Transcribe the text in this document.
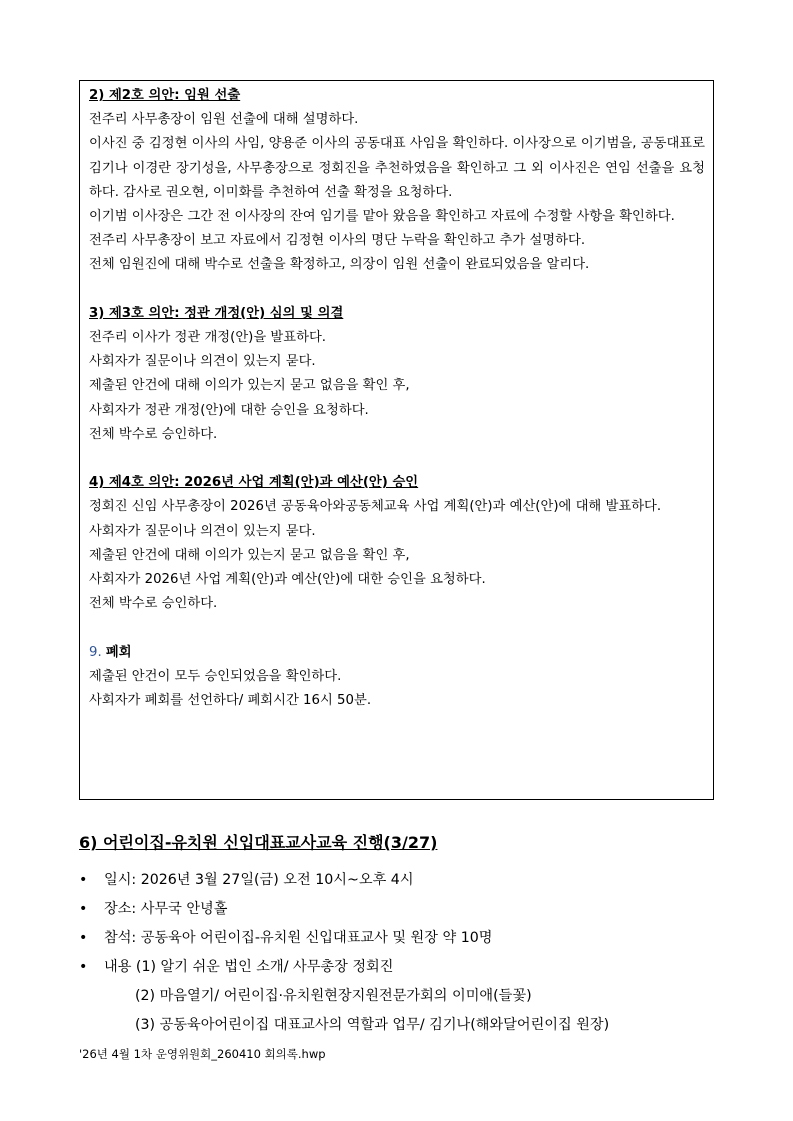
2) 제2호 의안: 임원 선출

전주리 사무총장이 임원 선출에 대해 설명하다.

이사진 중 김정현 이사의 사임, 양용준 이사의 공동대표 사임을 확인하다. 이사장으로 이기범을, 공동대표로 김기나 이경란 장기성을, 사무총장으로 정회진을 추천하였음을 확인하고 그 외 이사진은 연임 선출을 요청하다. 감사로 권오현, 이미화를 추천하여 선출 확정을 요청하다.

이기범 이사장은 그간 전 이사장의 잔여 임기를 맡아 왔음을 확인하고 자료에 수정할 사항을 확인하다.

전주리 사무총장이 보고 자료에서 김정현 이사의 명단 누락을 확인하고 추가 설명하다.

전체 임원진에 대해 박수로 선출을 확정하고, 의장이 임원 선출이 완료되었음을 알리다.

3) 제3호 의안: 정관 개정(안) 심의 및 의결

전주리 이사가 정관 개정(안)을 발표하다.

사회자가 질문이나 의견이 있는지 묻다.

제출된 안건에 대해 이의가 있는지 묻고 없음을 확인 후,

사회자가 정관 개정(안)에 대한 승인을 요청하다.

전체 박수로 승인하다.

4) 제4호 의안: 2026년 사업 계획(안)과 예산(안) 승인

정회진 신임 사무총장이 2026년 공동육아와공동체교육 사업 계획(안)과 예산(안)에 대해 발표하다.

사회자가 질문이나 의견이 있는지 묻다.

제출된 안건에 대해 이의가 있는지 묻고 없음을 확인 후,

사회자가 2026년 사업 계획(안)과 예산(안)에 대한 승인을 요청하다.

전체 박수로 승인하다.

9. 폐회

제출된 안건이 모두 승인되었음을 확인하다.

사회자가 폐회를 선언하다/ 폐회시간 16시 50분.

6) 어린이집-유치원 신입대표교사교육 진행(3/27)

•	일시: 2026년 3월 27일(금) 오전 10시~오후 4시
•	장소: 사무국 안녕홀
•	참석: 공동육아 어린이집-유치원 신입대표교사 및 원장 약 10명
•	내용 (1) 알기 쉬운 법인 소개/ 사무총장 정회진
(2) 마음열기/ 어린이집·유치원현장지원전문가회의 이미애(들꽃)
(3) 공동육아어린이집 대표교사의 역할과 업무/ 김기나(해와달어린이집 원장)
'26년 4월 1차 운영위원회_260410 회의록.hwp
